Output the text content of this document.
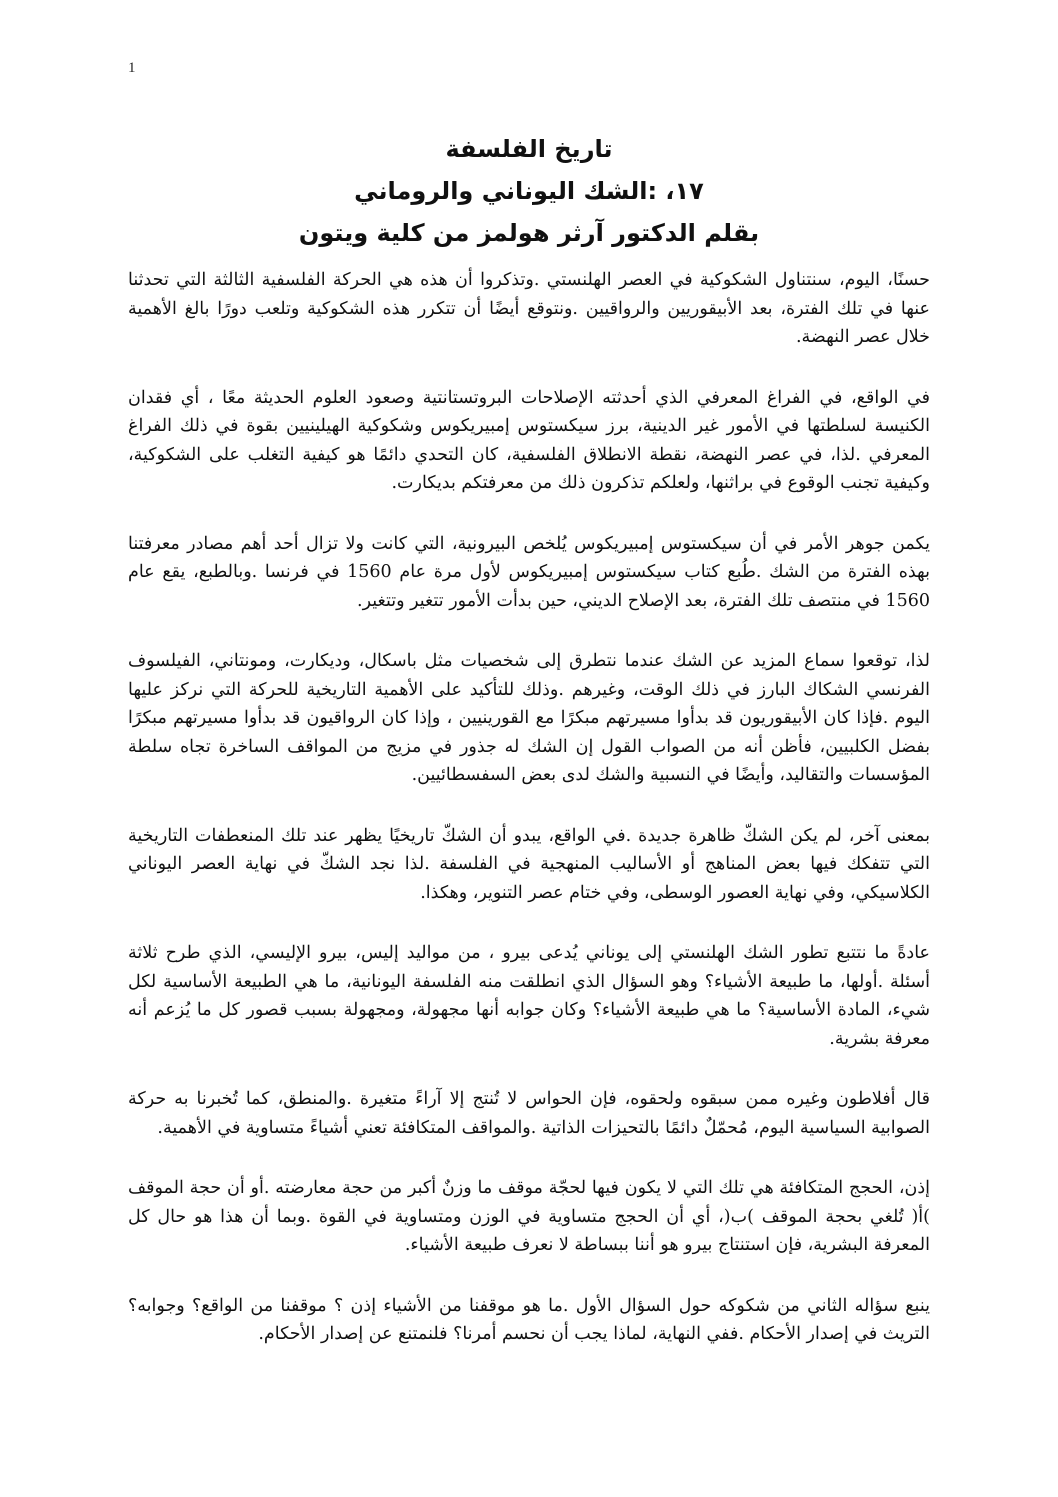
1
تاريخ الفلسفة
١٧، :الشك اليوناني والروماني
بقلم الدكتور آرثر هولمز من كلية ويتون

حسنًا، اليوم، سنتناول الشكوكية في العصر الهلنستي .وتذكروا أن هذه هي الحركة الفلسفية الثالثة التي تحدثنا عنها في تلك الفترة، بعد الأبيقوريين والرواقيين .ونتوقع أيضًا أن تتكرر هذه الشكوكية وتلعب دورًا بالغ الأهمية خلال عصر النهضة.

في الواقع، في الفراغ المعرفي الذي أحدثته الإصلاحات البروتستانتية وصعود العلوم الحديثة معًا ، أي فقدان الكنيسة لسلطتها في الأمور غير الدينية، برز سيكستوس إمبيريكوس وشكوكية الهيلينيين بقوة في ذلك الفراغ المعرفي .لذا، في عصر النهضة، نقطة الانطلاق الفلسفية، كان التحدي دائمًا هو كيفية التغلب على الشكوكية، وكيفية تجنب الوقوع في براثنها، ولعلكم تذكرون ذلك من معرفتكم بديكارت.

يكمن جوهر الأمر في أن سيكستوس إمبيريكوس يُلخص البيرونية، التي كانت ولا تزال أحد أهم مصادر معرفتنا بهذه الفترة من الشك .طُبع كتاب سيكستوس إمبيريكوس لأول مرة عام 1560 في فرنسا .وبالطبع، يقع عام 1560 في منتصف تلك الفترة، بعد الإصلاح الديني، حين بدأت الأمور تتغير وتتغير.

لذا، توقعوا سماع المزيد عن الشك عندما نتطرق إلى شخصيات مثل باسكال، وديكارت، ومونتاني، الفيلسوف الفرنسي الشكاك البارز في ذلك الوقت، وغيرهم .وذلك للتأكيد على الأهمية التاريخية للحركة التي نركز عليها اليوم .فإذا كان الأبيقوريون قد بدأوا مسيرتهم مبكرًا مع القورينيين ، وإذا كان الرواقيون قد بدأوا مسيرتهم مبكرًا بفضل الكلبيين، فأظن أنه من الصواب القول إن الشك له جذور في مزيج من المواقف الساخرة تجاه سلطة المؤسسات والتقاليد، وأيضًا في النسبية والشك لدى بعض السفسطائيين.

بمعنى آخر، لم يكن الشكّ ظاهرة جديدة .في الواقع، يبدو أن الشكّ تاريخيًا يظهر عند تلك المنعطفات التاريخية التي تتفكك فيها بعض المناهج أو الأساليب المنهجية في الفلسفة .لذا نجد الشكّ في نهاية العصر اليوناني الكلاسيكي، وفي نهاية العصور الوسطى، وفي ختام عصر التنوير، وهكذا.

عادةً ما نتتبع تطور الشك الهلنستي إلى يوناني يُدعى بيرو ، من مواليد إليس، بيرو الإليسي، الذي طرح ثلاثة أسئلة .أولها، ما طبيعة الأشياء؟ وهو السؤال الذي انطلقت منه الفلسفة اليونانية، ما هي الطبيعة الأساسية لكل شيء، المادة الأساسية؟ ما هي طبيعة الأشياء؟ وكان جوابه أنها مجهولة، ومجهولة بسبب قصور كل ما يُزعم أنه معرفة بشرية.

قال أفلاطون وغيره ممن سبقوه ولحقوه، فإن الحواس لا تُنتج إلا آراءً متغيرة .والمنطق، كما تُخبرنا به حركة الصوابية السياسية اليوم، مُحمّلٌ دائمًا بالتحيزات الذاتية .والمواقف المتكافئة تعني أشياءً متساوية في الأهمية.

إذن، الحجج المتكافئة هي تلك التي لا يكون فيها لحجّة موقف ما وزنٌ أكبر من حجة معارضته .أو أن حجة الموقف )أ( تُلغي بحجة الموقف )ب(، أي أن الحجج متساوية في الوزن ومتساوية في القوة .وبما أن هذا هو حال كل المعرفة البشرية، فإن استنتاج بيرو هو أننا ببساطة لا نعرف طبيعة الأشياء.

ينبع سؤاله الثاني من شكوكه حول السؤال الأول .ما هو موقفنا من الأشياء إذن ؟ موقفنا من الواقع؟ وجوابه؟ التريث في إصدار الأحكام .ففي النهاية، لماذا يجب أن نحسم أمرنا؟ فلنمتنع عن إصدار الأحكام.
